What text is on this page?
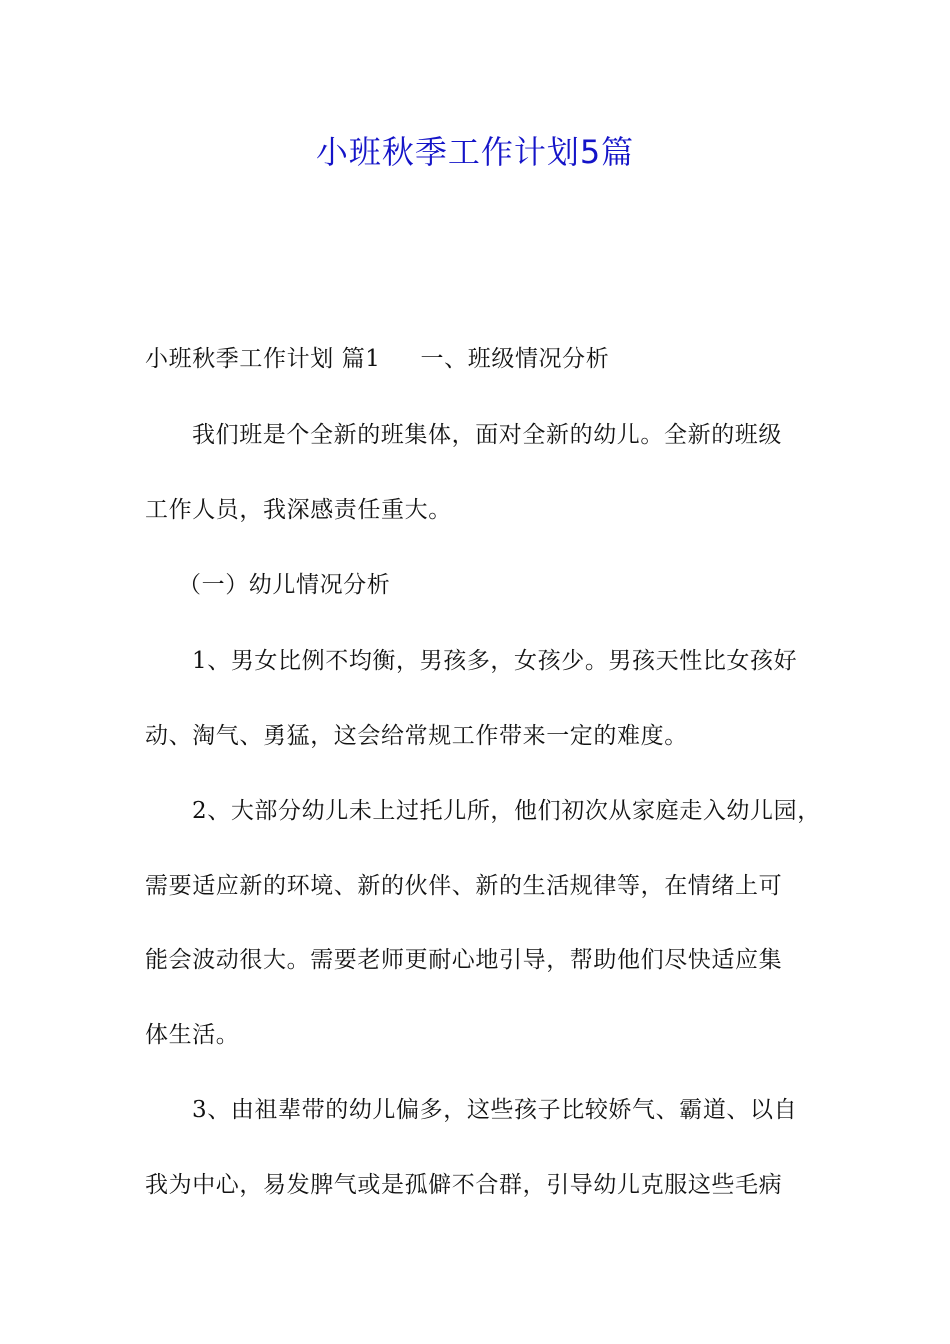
小班秋季工作计划5篇
小班秋季工作计划 篇1 一、班级情况分析
我们班是个全新的班集体，面对全新的幼儿。全新的班级
工作人员，我深感责任重大。
（一）幼儿情况分析
1、男女比例不均衡，男孩多，女孩少。男孩天性比女孩好
动、淘气、勇猛，这会给常规工作带来一定的难度。
2、大部分幼儿未上过托儿所，他们初次从家庭走入幼儿园，
需要适应新的环境、新的伙伴、新的生活规律等，在情绪上可
能会波动很大。需要老师更耐心地引导，帮助他们尽快适应集
体生活。
3、由祖辈带的幼儿偏多，这些孩子比较娇气、霸道、以自
我为中心，易发脾气或是孤僻不合群，引导幼儿克服这些毛病
